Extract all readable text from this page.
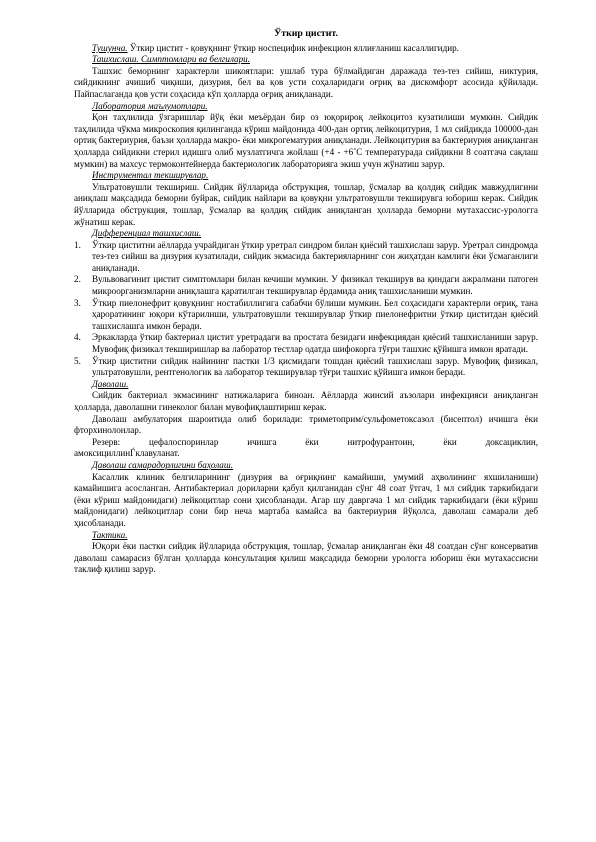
Ўткир цистит.

Тушунча. Ўткир цистит - қовуқнинг ўткир носпецифик инфекцион яллиғланиш касаллигидир.

Ташхислаш. Симптомлари ва белгилари.

Ташхис беморнинг характерли шикоятлари: ушлаб тура бўлмайдиган даражада тез-тез сийиш, никтурия, сийдикнинг ачишиб чиқиши, дизурия, бел ва қов усти соҳаларидаги оғриқ ва дискомфорт асосида қўйилади. Пайпаслаганда қов усти соҳасида кўп ҳолларда оғриқ аниқланади.

Лаборатория маълумотлари.

Қон таҳлилида ўзгаришлар йўқ ёки меъёрдан бир оз юқорироқ лейкоцитоз кузатилиши мумкин. Сийдик таҳлилида чўкма микроскопия қилинганда кўриш майдонида 400-дан ортиқ лейкоцитурия, 1 мл сийдикда 100000-дан ортиқ бактериурия, баъзи ҳолларда макро- ёки микрогематурия аниқланади. Лейкоцитурия ва бактериурия аниқланган ҳолларда сийдикни стерил идишга олиб музлатгичга жойлаш (+4 - +6˚С температурада сийдикни 8 соатгача сақлаш мумкин) ва махсус термоконтейнерда бактериологик лабораторияга экиш учун жўнатиш зарур.

Инструментал текширувлар.

Ультратовушли текшириш. Сийдик йўлларида обструкция, тошлар, ўсмалар ва қолдиқ сийдик мавжудлигини аниқлаш мақсадида беморни буйрак, сийдик найлари ва қовуқни ультратовушли текширувга юбориш керак. Сийдик йўлларида обструкция, тошлар, ўсмалар ва қолдиқ сийдик аниқланган ҳолларда беморни мутахассис-урологга жўнатиш керак.

Дифференциал ташхислаш.

1.	Ўткир циститни аёлларда учрайдиган ўткир уретрал синдром билан қиёсий ташхислаш зарур. Уретрал синдромда тез-тез сийиш ва дизурия кузатилади, сийдик экмасида бактерияларнинг сон жиҳатдан камлиги ёки ўсмаганлиги аниқланади.
2.	Вульвовагинит цистит симптомлари билан кечиши мумкин. У физикал текширув ва қиндаги ажралмани патоген микроорганизмларни аниқлашга қаратилган текширувлар ёрдамида аниқ ташхисланиши мумкин.
3.	Ўткир пиелонефрит қовуқнинг ностабиллигига сабабчи бўлиши мумкин. Бел соҳасидаги характерли оғриқ, тана ҳароратининг юқори кўтарилиши, ультратовушли текширувлар ўткир пиелонефритни ўткир циститдан қиёсий ташхислашга имкон беради.
4.	Эркакларда ўткир бактериал цистит уретрадаги ва простата безидаги инфекциядан қиёсий ташхисланиши зарур. Мувофиқ физикал текширишлар ва лаборатор тестлар одатда шифокорга тўғри ташхис қўйишга имкон яратади.
5.	Ўткир циститни сийдик найининг пастки 1/3 қисмидаги тошдан қиёсий ташхислаш зарур. Мувофиқ физикал, ультратовушли, рентгенологик ва лаборатор текширувлар тўғри ташхис қўйишга имкон беради.

Даволаш.

Сийдик бактериал экмасининг натижаларига биноан. Аёлларда жинсий аъзолари инфекцияси аниқланган ҳолларда, даволашни гинеколог билан мувофиқлаштириш керак.

Даволаш амбулатория шароитида олиб борилади: триметоприм/сульфометоксазол (бисептол) ичишга ёки фторхинолонлар.

Резерв: цефалоспоринлар ичишга ёки нитрофурантоин, ёки доксациклин,

амоксициллинЃклавуланат.

Даволаш самарадорлигини баҳолаш.

Касаллик клиник белгиларининг (дизурия ва оғриқнинг камайиши, умумий аҳволининг яхшиланиши) камайишига асосланган. Антибактериал дориларни қабул қилганидан сўнг 48 соат ўтгач, 1 мл сийдик таркибидаги (ёки кўриш майдонидаги) лейкоцитлар сони ҳисобланади. Агар шу давргача 1 мл сийдик таркибидаги (ёки кўриш майдонидаги) лейкоцитлар сони бир неча мартаба камайса ва бактериурия йўқолса, даволаш самарали деб ҳисобланади.

Тактика.

Юқори ёки пастки сийдик йўлларида обструкция, тошлар, ўсмалар аниқланган ёки 48 соатдан сўнг консерватив даволаш самарасиз бўлган ҳолларда консультация қилиш мақсадида беморни урологга юбориш ёки мутахассисни таклиф қилиш зарур.
